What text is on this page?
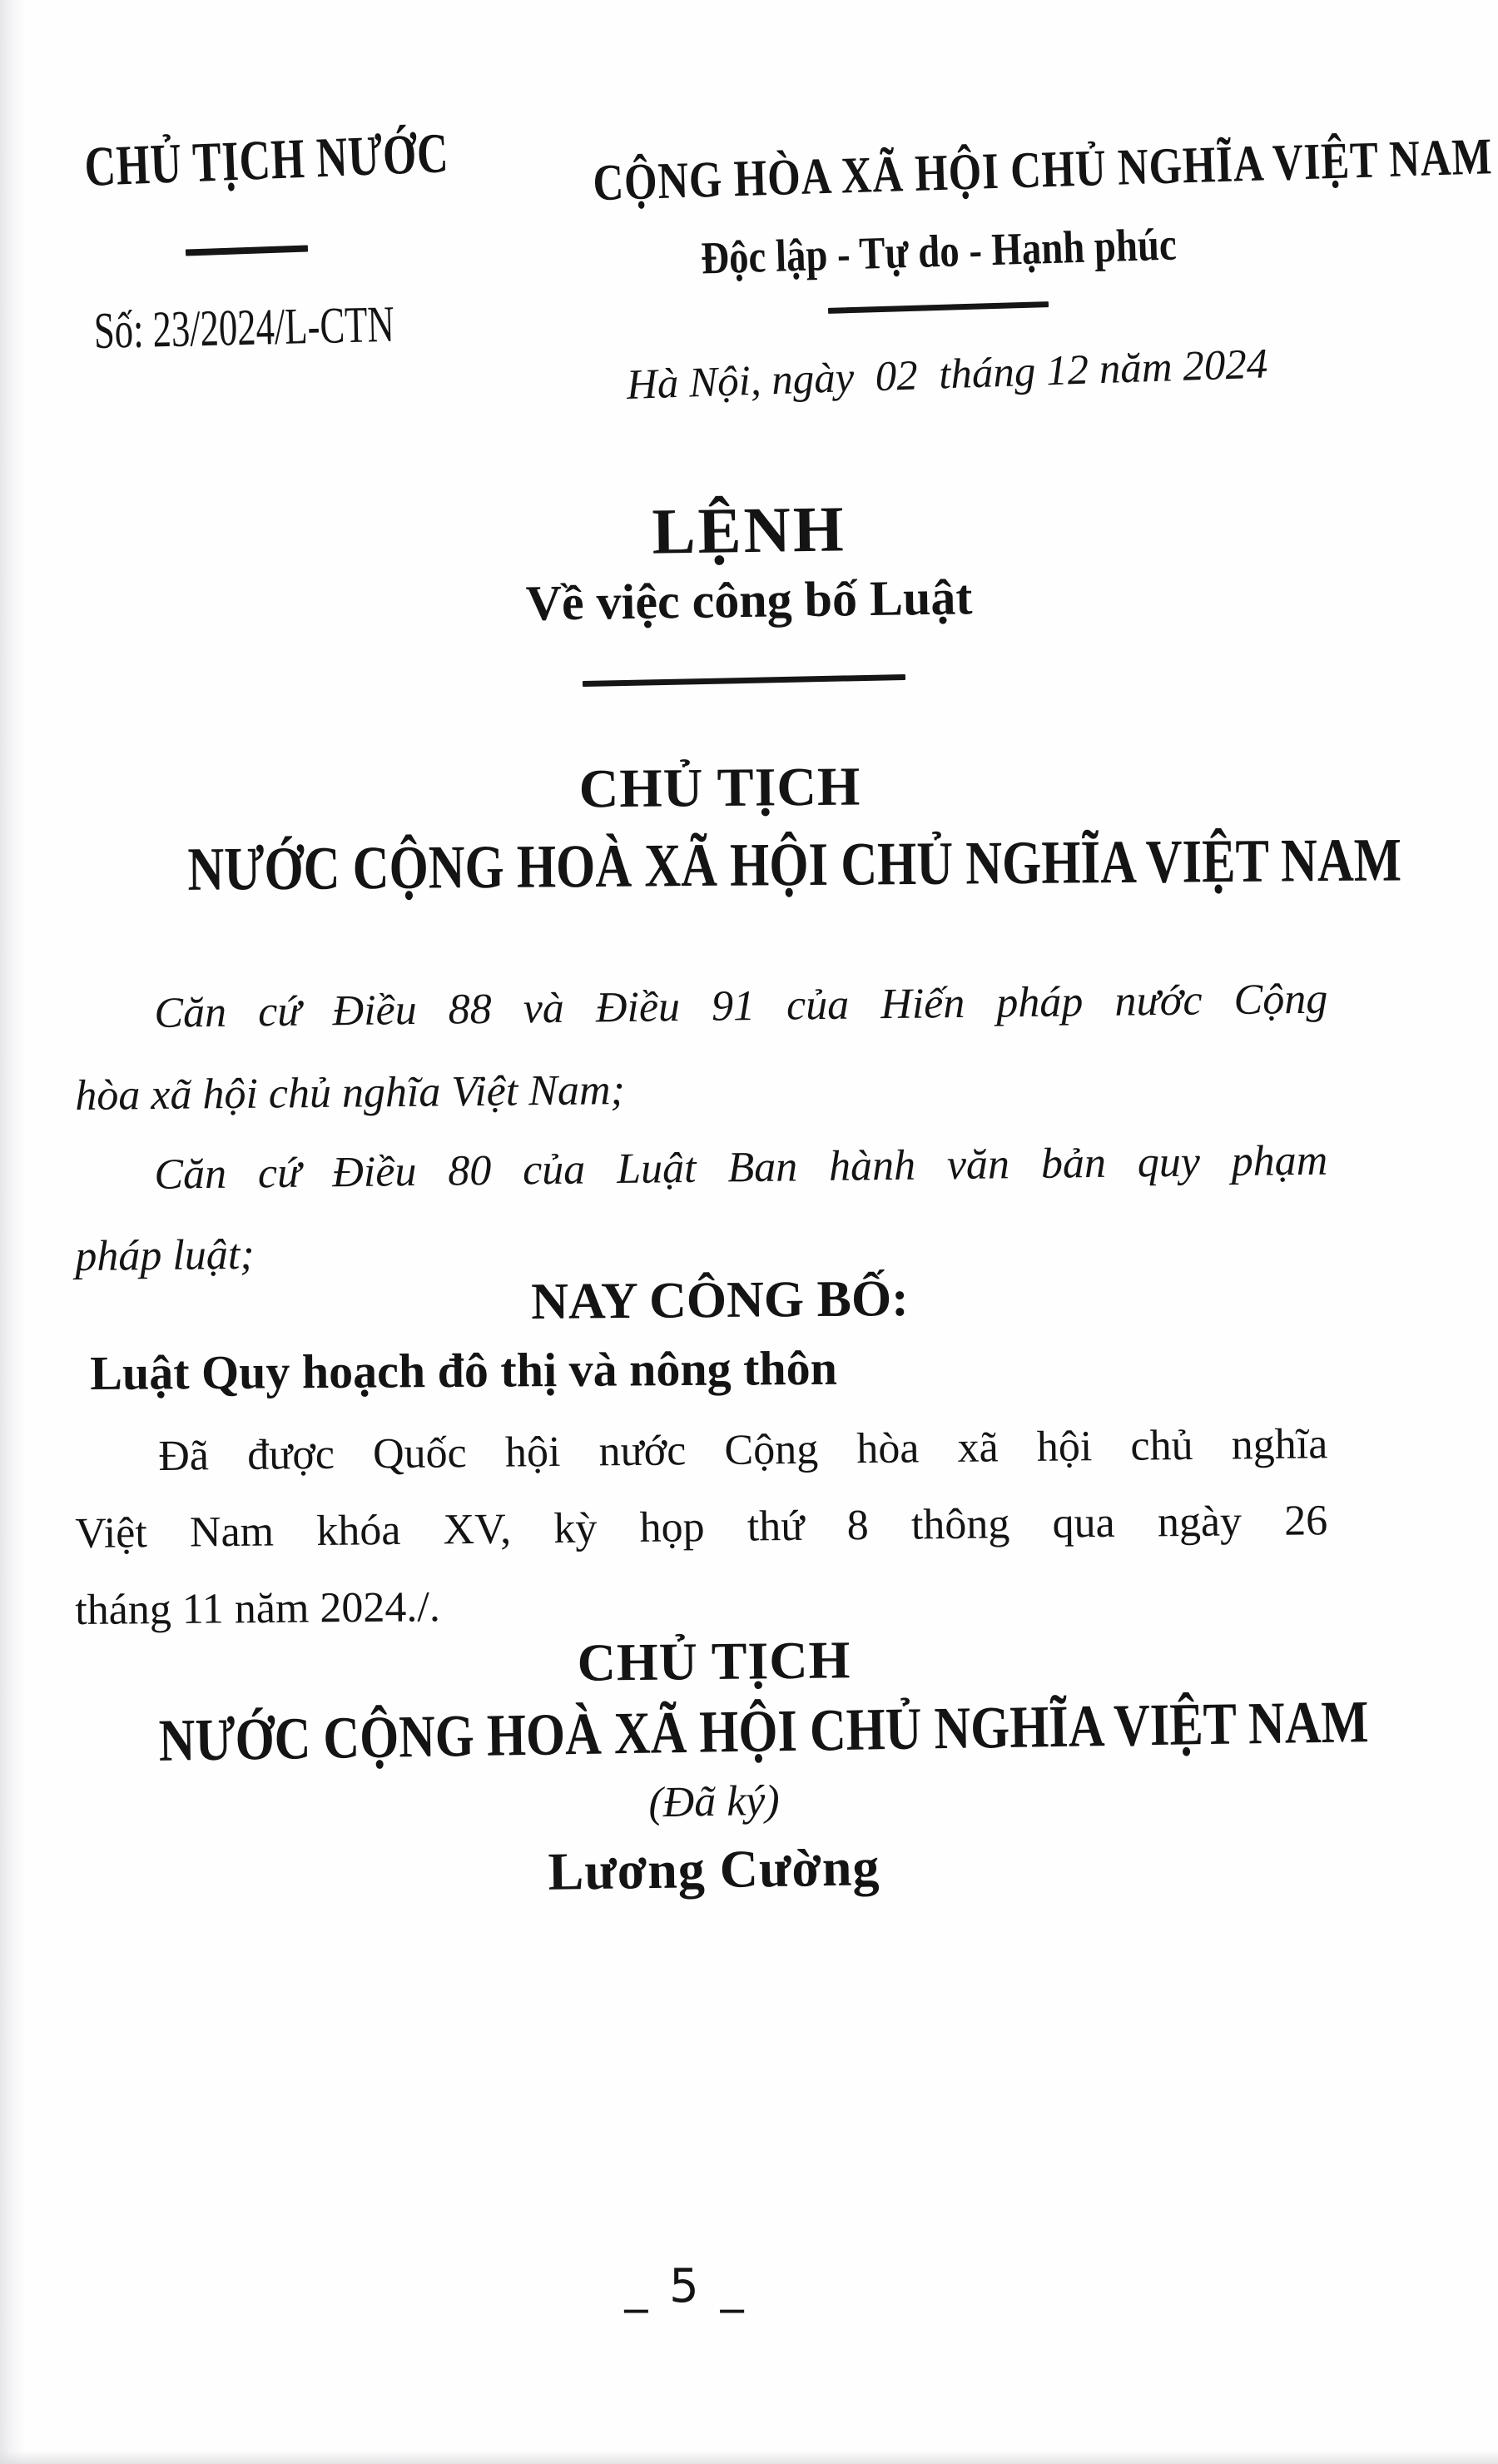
CHỦ TỊCH NƯỚC
Số: 23/2024/L-CTN
CỘNG HÒA XÃ HỘI CHỦ NGHĨA VIỆT NAM
Độc lập - Tự do - Hạnh phúc
Hà Nội, ngày  02  tháng 12 năm 2024
LỆNH
Về việc công bố Luật
CHỦ TỊCH
NƯỚC CỘNG HOÀ XÃ HỘI CHỦ NGHĨA VIỆT NAM
Căn cứ Điều 88 và Điều 91 của Hiến pháp nước Cộng
hòa xã hội chủ nghĩa Việt Nam;
Căn cứ Điều 80 của Luật Ban hành văn bản quy phạm
pháp luật;
NAY CÔNG BỐ:
Luật Quy hoạch đô thị và nông thôn
Đã được Quốc hội nước Cộng hòa xã hội chủ nghĩa
Việt Nam khóa XV, kỳ họp thứ 8 thông qua ngày 26
tháng 11 năm 2024./.
CHỦ TỊCH
NƯỚC CỘNG HOÀ XÃ HỘI CHỦ NGHĨA VIỆT NAM
(Đã ký)
Lương Cường
_ 5 _
